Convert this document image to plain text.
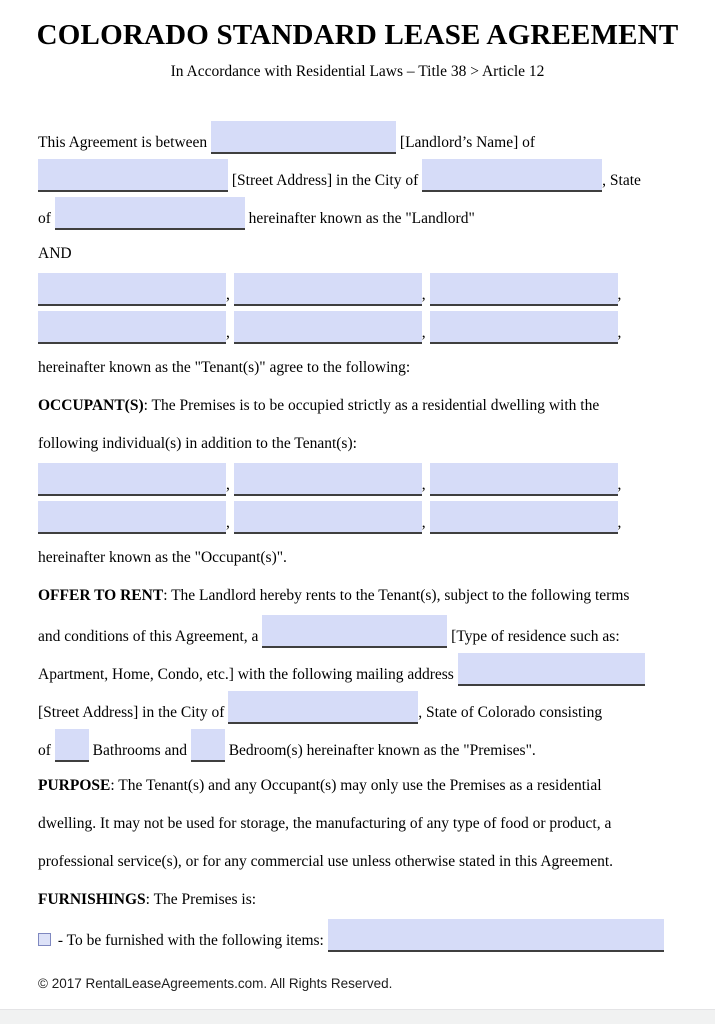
COLORADO STANDARD LEASE AGREEMENT
In Accordance with Residential Laws – Title 38 > Article 12
This Agreement is between	[Landlord’s Name] of
[Street Address] in the City of	, State
of	hereinafter known as the "Landlord"
AND
,	,	,
,	,	,
hereinafter known as the "Tenant(s)" agree to the following:
OCCUPANT(S): The Premises is to be occupied strictly as a residential dwelling with the
following individual(s) in addition to the Tenant(s):
,	,	,
,	,	,
hereinafter known as the "Occupant(s)".
OFFER TO RENT: The Landlord hereby rents to the Tenant(s), subject to the following terms
and conditions of this Agreement, a	[Type of residence such as:
Apartment, Home, Condo, etc.] with the following mailing address
[Street Address] in the City of	, State of Colorado consisting
of	Bathrooms and	Bedroom(s) hereinafter known as the "Premises".
PURPOSE: The Tenant(s) and any Occupant(s) may only use the Premises as a residential
dwelling. It may not be used for storage, the manufacturing of any type of food or product, a
professional service(s), or for any commercial use unless otherwise stated in this Agreement.
FURNISHINGS: The Premises is:
- To be furnished with the following items:
© 2017 RentalLeaseAgreements.com. All Rights Reserved.
